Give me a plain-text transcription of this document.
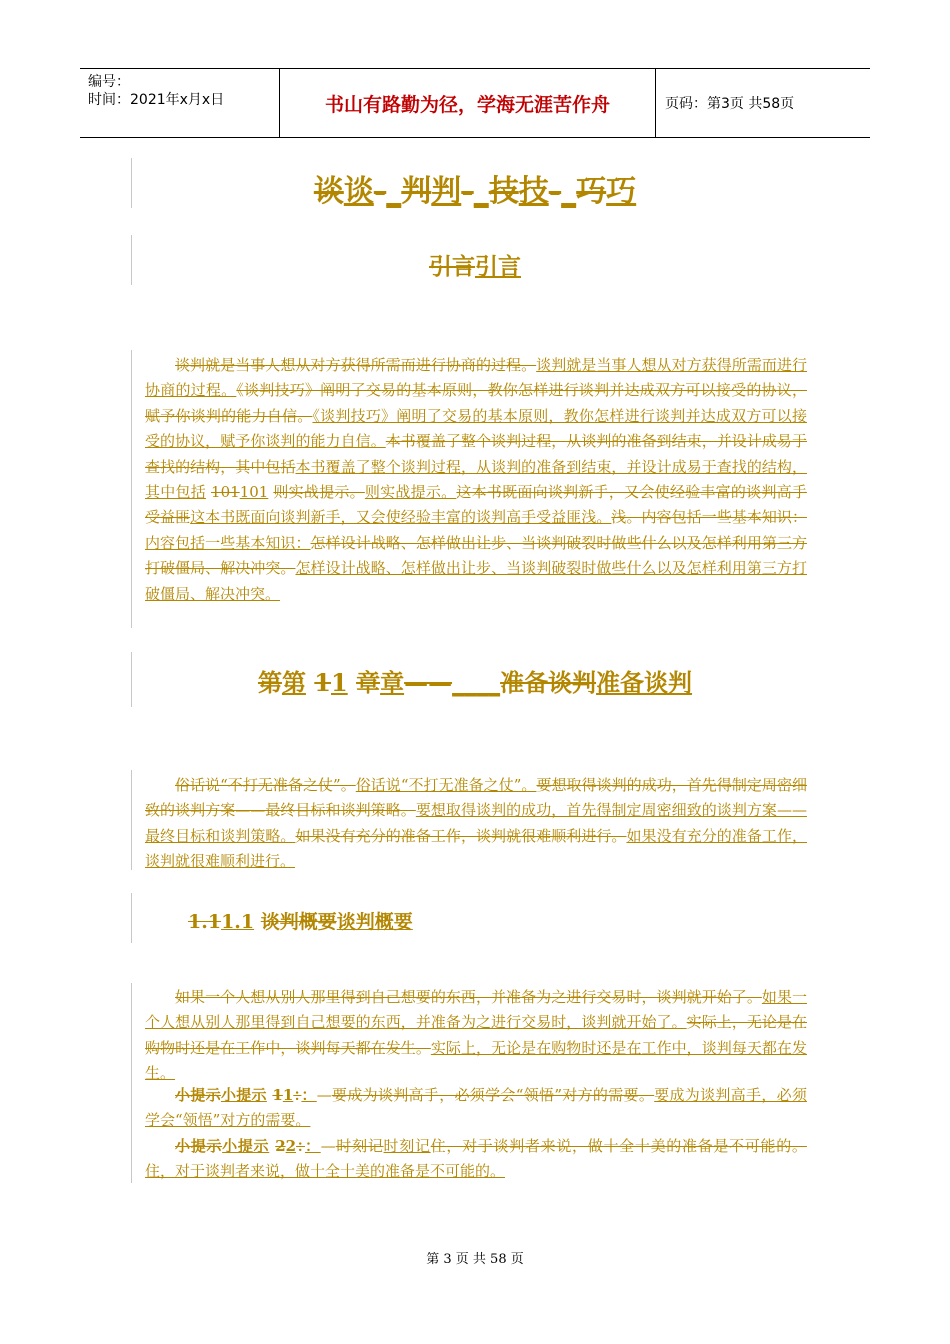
编号：
时间：2021年x月x日	书山有路勤为径，学海无涯苦作舟	页码：第3页 共58页
谈谈-_判判-_技技-_巧巧
引言引言
谈判就是当事人想从对方获得所需而进行协商的过程。谈判就是当事人想从对方获得所需而进行协商的过程。《谈判技巧》阐明了交易的基本原则，教你怎样进行谈判并达成双方可以接受的协议，赋予你谈判的能力自信。《谈判技巧》阐明了交易的基本原则，教你怎样进行谈判并达成双方可以接受的协议，赋予你谈判的能力自信。本书覆盖了整个谈判过程，从谈判的准备到结束，并设计成易于查找的结构，其中包括本书覆盖了整个谈判过程，从谈判的准备到结束，并设计成易于查找的结构，其中包括 101101 则实战提示。则实战提示。这本书既面向谈判新手，又会使经验丰富的谈判高手受益匪这本书既面向谈判新手，又会使经验丰富的谈判高手受益匪浅。浅。内容包括一些基本知识：内容包括一些基本知识：怎样设计战略、怎样做出让步、当谈判破裂时做些什么以及怎样利用第三方打破僵局、解决冲突。怎样设计战略、怎样做出让步、当谈判破裂时做些什么以及怎样利用第三方打破僵局、解决冲突。
第第 11 章章——____准备谈判准备谈判
俗话说“不打无准备之仗”。俗话说“不打无准备之仗”。要想取得谈判的成功，首先得制定周密细致的谈判方案——最终目标和谈判策略。要想取得谈判的成功，首先得制定周密细致的谈判方案——最终目标和谈判策略。如果没有充分的准备工作，谈判就很难顺利进行。如果没有充分的准备工作，谈判就很难顺利进行。
1.11.1 谈判概要谈判概要
如果一个人想从别人那里得到自己想要的东西，并准备为之进行交易时，谈判就开始了。如果一个人想从别人那里得到自己想要的东西，并准备为之进行交易时，谈判就开始了。实际上，无论是在购物时还是在工作中，谈判每天都在发生。实际上，无论是在购物时还是在工作中，谈判每天都在发生。
小提示小提示 11：：—要成为谈判高手，必须学会“领悟”对方的需要。要成为谈判高手，必须学会“领悟”对方的需要。
小提示小提示 22：：—时刻记时刻记住，对于谈判者来说，做十全十美的准备是不可能的。住，对于谈判者来说，做十全十美的准备是不可能的。
第 3 页 共 58 页
